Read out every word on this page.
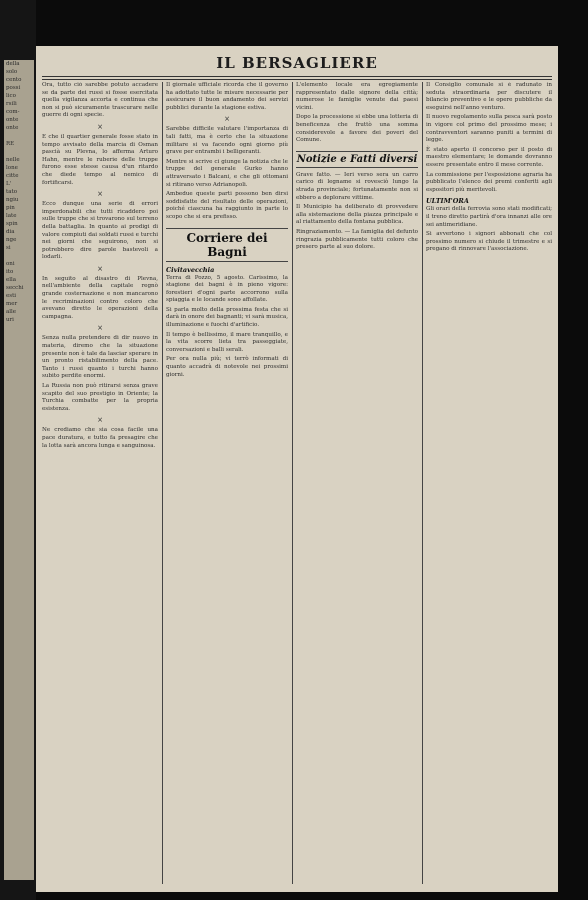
della
solo
cento
possi
lico
rsili
com-
onte
onte

RE

nelle
lone
citte
L'
tato
ngiu
pin
late
spin
dia
nge
si

oni
ito
ella
secchi
esti
mer
alle
uri
IL BERSAGLIERE

Ora, tutto ciò sarebbe potuto accadere se da parte dei russi si fosse esercitata quella vigilanza accorta e continua che non si può sicuramente trascurare nelle guerre di ogni specie.

×

E che il quartier generale fosse stato in tempo avvisato della marcia di Osman pascià su Plevna, lo afferma Arturo Hahn, mentre le ruberie delle truppe furono esse stesse causa d'un ritardo che diede tempo al nemico di fortificarsi.

×

Ecco dunque una serie di errori imperdonabili che tutti ricaddero poi sulle truppe che si trovarono sul terreno della battaglia. In quanto ai prodigi di valore compiuti dai soldati russi e turchi nei giorni che seguirono, non si potrebbero dire parole bastevoli a lodarli.

×

In seguito al disastro di Plevna, nell'ambiente della capitale regnò grande costernazione e non mancarono le recriminazioni contro coloro che avevano diretto le operazioni della campagna.

×

Senza nulla pretendere di dir nuovo in materia, diremo che la situazione presente non è tale da lasciar sperare in un pronto ristabilimento della pace. Tanto i russi quanto i turchi hanno subito perdite enormi.

La Russia non può ritirarsi senza grave scapito del suo prestigio in Oriente; la Turchia combatte per la propria esistenza.

×

Ne crediamo che sia cosa facile una pace duratura, e tutto fa presagire che la lotta sarà ancora lunga e sanguinosa.

Il giornale ufficiale ricorda che il governo ha adottato tutte le misure necessarie per assicurare il buon andamento dei servizi pubblici durante la stagione estiva.

×

Sarebbe difficile valutare l'importanza di tali fatti, ma è certo che la situazione militare si va facendo ogni giorno più grave per entrambi i belligeranti.

Mentre si scrive ci giunge la notizia che le truppe del generale Gurko hanno attraversato i Balcani, e che gli ottomani si ritirano verso Adrianopoli.

Ambedue queste parti possono ben dirsi soddisfatte del risultato delle operazioni, poiché ciascuna ha raggiunto in parte lo scopo che si era prefisso.

Corriere dei Bagni
Civitavecchia

Terra di Pozzo, 5 agosto. Carissimo, la stagione dei bagni è in pieno vigore: forestieri d'ogni parte accorrono sulla spiaggia e le locande sono affollate.

Si parla molto della prossima festa che si darà in onore dei bagnanti; vi sarà musica, illuminazione e fuochi d'artificio.

Il tempo è bellissimo, il mare tranquillo, e la vita scorre lieta tra passeggiate, conversazioni e balli serali.

Per ora nulla più; vi terrò informati di quanto accadrà di notevole nei prossimi giorni.

L'elemento locale era egregiamente rappresentato dalle signore della città; numerose le famiglie venute dai paesi vicini.

Dopo la processione si ebbe una lotteria di beneficenza che fruttò una somma considerevole a favore dei poveri del Comune.

Notizie e Fatti diversi

Grave fatto. — Ieri verso sera un carro carico di legname si rovesciò lungo la strada provinciale; fortunatamente non si ebbero a deplorare vittime.

Il Municipio ha deliberato di provvedere alla sistemazione della piazza principale e al riattamento della fontana pubblica.

Ringraziamento. — La famiglia del defunto ringrazia pubblicamente tutti coloro che presero parte al suo dolore.

Il Consiglio comunale si è radunato in seduta straordinaria per discutere il bilancio preventivo e le opere pubbliche da eseguirsi nell'anno venturo.

Il nuovo regolamento sulla pesca sarà posto in vigore col primo del prossimo mese; i contravventori saranno puniti a termini di legge.

È stato aperto il concorso per il posto di maestro elementare; le domande dovranno essere presentate entro il mese corrente.

La commissione per l'esposizione agraria ha pubblicato l'elenco dei premi conferiti agli espositori più meritevoli.

ULTIM'ORA

Gli orari della ferrovia sono stati modificati; il treno diretto partirà d'ora innanzi alle ore sei antimeridiane.

Si avvertono i signori abbonati che col prossimo numero si chiude il trimestre e si pregano di rinnovare l'associazione.
